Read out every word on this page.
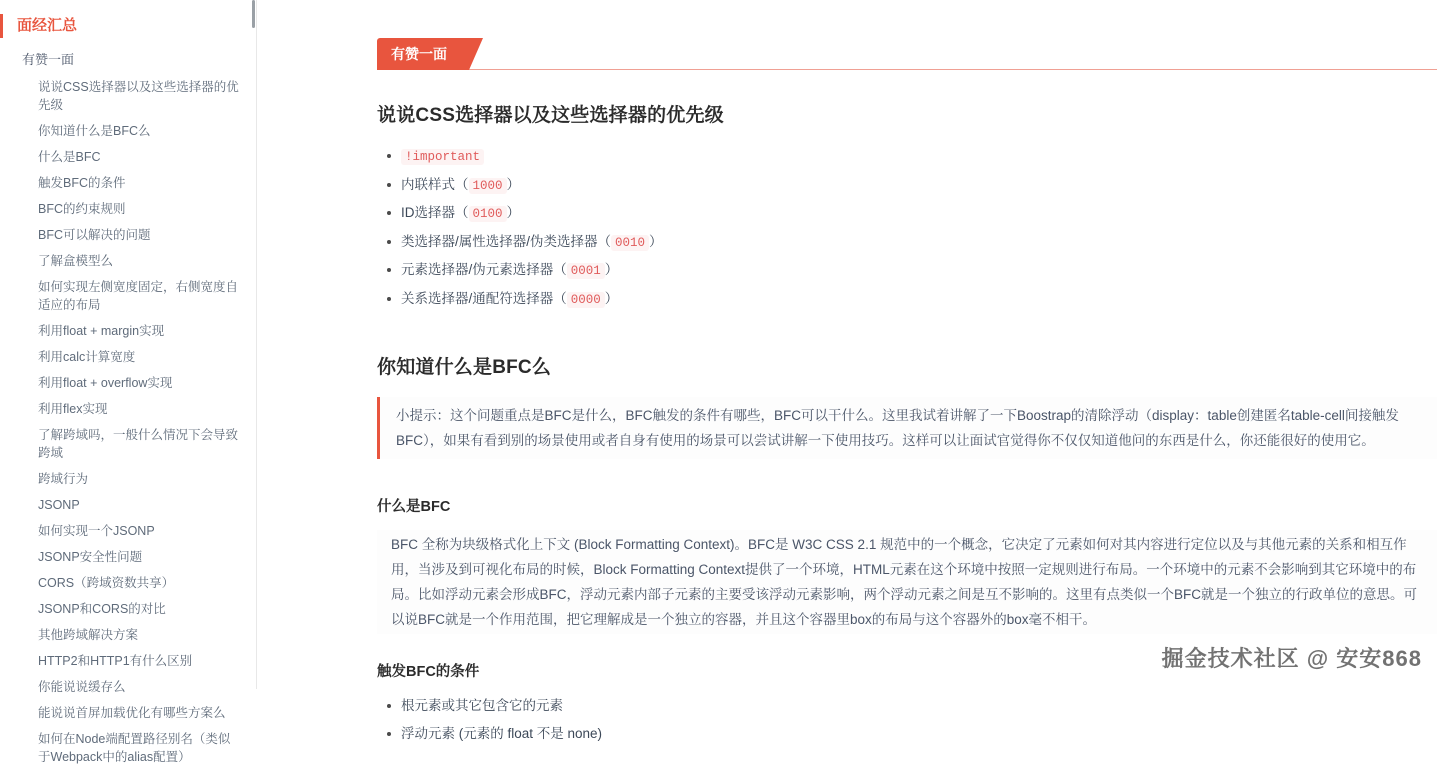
面经汇总
有赞一面
说说CSS选择器以及这些选择器的优先级
你知道什么是BFC么
什么是BFC
触发BFC的条件
BFC的约束规则
BFC可以解决的问题
了解盒模型么
如何实现左侧宽度固定，右侧宽度自适应的布局
利用float + margin实现
利用calc计算宽度
利用float + overflow实现
利用flex实现
了解跨域吗，一般什么情况下会导致跨域
跨域行为
JSONP
如何实现一个JSONP
JSONP安全性问题
CORS（跨域资数共享）
JSONP和CORS的对比
其他跨域解决方案
HTTP2和HTTP1有什么区别
你能说说缓存么
能说说首屏加载优化有哪些方案么
如何在Node端配置路径别名（类似于Webpack中的alias配置）
有赞一面
说说CSS选择器以及这些选择器的优先级
!important
内联样式（ 1000 ）
ID选择器（ 0100 ）
类选择器/属性选择器/伪类选择器（ 0010 ）
元素选择器/伪元素选择器（ 0001 ）
关系选择器/通配符选择器（ 0000 ）
你知道什么是BFC么
小提示：这个问题重点是BFC是什么，BFC触发的条件有哪些，BFC可以干什么。这里我试着讲解了一下Boostrap的清除浮动（display：table创建匿名table-cell间接触发BFC），如果有看到别的场景使用或者自身有使用的场景可以尝试讲解一下使用技巧。这样可以让面试官觉得你不仅仅知道他问的东西是什么，你还能很好的使用它。
什么是BFC
BFC 全称为块级格式化上下文 (Block Formatting Context)。BFC是 W3C CSS 2.1 规范中的一个概念，它决定了元素如何对其内容进行定位以及与其他元素的关系和相互作用，当涉及到可视化布局的时候，Block Formatting Context提供了一个环境，HTML元素在这个环境中按照一定规则进行布局。一个环境中的元素不会影响到其它环境中的布局。比如浮动元素会形成BFC，浮动元素内部子元素的主要受该浮动元素影响，两个浮动元素之间是互不影响的。这里有点类似一个BFC就是一个独立的行政单位的意思。可以说BFC就是一个作用范围，把它理解成是一个独立的容器，并且这个容器里box的布局与这个容器外的box毫不相干。
触发BFC的条件
根元素或其它包含它的元素
浮动元素 (元素的 float 不是 none)
掘金技术社区 @ 安安868
